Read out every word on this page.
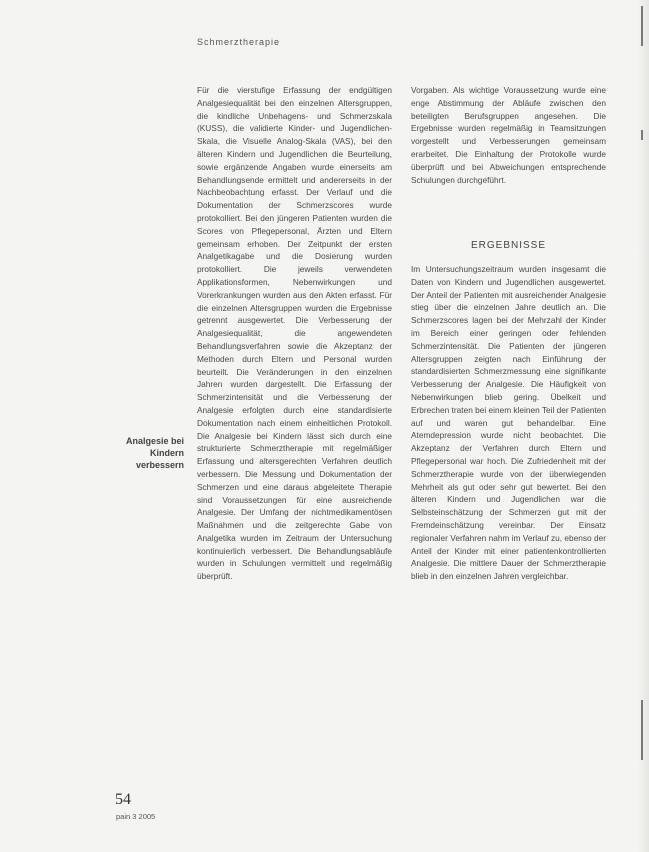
Schmerztherapie

Für die vierstufige Erfassung der endgültigen Analgesiequalität bei den einzelnen Altersgruppen, die kindliche Unbehagens- und Schmerzskala (KUSS), die validierte Kinder- und Jugendlichen-Skala, die Visuelle Analog-Skala (VAS), bei den älteren Kindern und Jugendlichen die Beurteilung, sowie ergänzende Angaben wurde einerseits am Behandlungsende ermittelt und andererseits in der Nachbeobachtung erfasst. Der Verlauf und die Dokumentation der Schmerzscores wurde protokolliert. Bei den jüngeren Patienten wurden die Scores von Pflegepersonal, Ärzten und Eltern gemeinsam erhoben. Der Zeitpunkt der ersten Analgetikagabe und die Dosierung wurden protokolliert. Die jeweils verwendeten Applikationsformen, Nebenwirkungen und Vorerkrankungen wurden aus den Akten erfasst. Für die einzelnen Altersgruppen wurden die Ergebnisse getrennt ausgewertet. Die Verbesserung der Analgesiequalität, die angewendeten Behandlungsverfahren sowie die Akzeptanz der Methoden durch Eltern und Personal wurden beurteilt. Die Veränderungen in den einzelnen Jahren wurden dargestellt. Die Erfassung der Schmerzintensität und die Verbesserung der Analgesie erfolgten durch eine standardisierte Dokumentation nach einem einheitlichen Protokoll. Die Analgesie bei Kindern lässt sich durch eine strukturierte Schmerztherapie mit regelmäßiger Erfassung und altersgerechten Verfahren deutlich verbessern. Die Messung und Dokumentation der Schmerzen und eine daraus abgeleitete Therapie sind Voraussetzungen für eine ausreichende Analgesie. Der Umfang der nichtmedikamentösen Maßnahmen und die zeitgerechte Gabe von Analgetika wurden im Zeitraum der Untersuchung kontinuierlich verbessert. Die Behandlungsabläufe wurden in Schulungen vermittelt und regelmäßig überprüft.

Analgesie bei Kindern verbessern

Vorgaben. Als wichtige Voraussetzung wurde eine enge Abstimmung der Abläufe zwischen den beteiligten Berufsgruppen angesehen. Die Ergebnisse wurden regelmäßig in Teamsitzungen vorgestellt und Verbesserungen gemeinsam erarbeitet. Die Einhaltung der Protokolle wurde überprüft und bei Abweichungen entsprechende Schulungen durchgeführt.

ERGEBNISSE

Im Untersuchungszeitraum wurden insgesamt die Daten von Kindern und Jugendlichen ausgewertet. Der Anteil der Patienten mit ausreichender Analgesie stieg über die einzelnen Jahre deutlich an. Die Schmerzscores lagen bei der Mehrzahl der Kinder im Bereich einer geringen oder fehlenden Schmerzintensität. Die Patienten der jüngeren Altersgruppen zeigten nach Einführung der standardisierten Schmerzmessung eine signifikante Verbesserung der Analgesie. Die Häufigkeit von Nebenwirkungen blieb gering. Übelkeit und Erbrechen traten bei einem kleinen Teil der Patienten auf und waren gut behandelbar. Eine Atemdepression wurde nicht beobachtet. Die Akzeptanz der Verfahren durch Eltern und Pflegepersonal war hoch. Die Zufriedenheit mit der Schmerztherapie wurde von der überwiegenden Mehrheit als gut oder sehr gut bewertet. Bei den älteren Kindern und Jugendlichen war die Selbsteinschätzung der Schmerzen gut mit der Fremdeinschätzung vereinbar. Der Einsatz regionaler Verfahren nahm im Verlauf zu, ebenso der Anteil der Kinder mit einer patientenkontrollierten Analgesie. Die mittlere Dauer der Schmerztherapie blieb in den einzelnen Jahren vergleichbar.

54
pain 3 2005
